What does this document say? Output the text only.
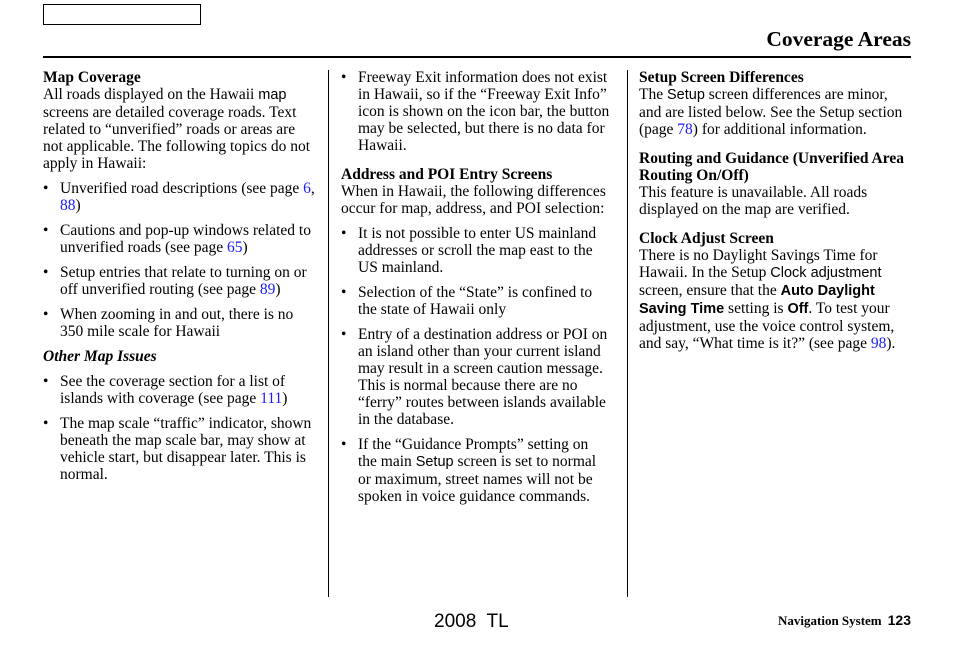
Coverage Areas
Map Coverage

All roads displayed on the Hawaii map screens are detailed coverage roads. Text related to “unverified” roads or areas are not applicable. The following topics do not apply in Hawaii:

• Unverified road descriptions (see page 6, 88)
• Cautions and pop-up windows related to unverified roads (see page 65)
• Setup entries that relate to turning on or off unverified routing (see page 89)
• When zooming in and out, there is no 350 mile scale for Hawaii
Other Map Issues
• See the coverage section for a list of islands with coverage (see page 111)
• The map scale “traffic” indicator, shown beneath the map scale bar, may show at vehicle start, but disappear later. This is normal.
• Freeway Exit information does not exist in Hawaii, so if the “Freeway Exit Info” icon is shown on the icon bar, the button may be selected, but there is no data for Hawaii.
Address and POI Entry Screens

When in Hawaii, the following differences occur for map, address, and POI selection:

• It is not possible to enter US mainland addresses or scroll the map east to the US mainland.
• Selection of the “State” is confined to the state of Hawaii only
• Entry of a destination address or POI on an island other than your current island may result in a screen caution message. This is normal because there are no “ferry” routes between islands available in the database.
• If the “Guidance Prompts” setting on the main Setup screen is set to normal or maximum, street names will not be spoken in voice guidance commands.
Setup Screen Differences

The Setup screen differences are minor, and are listed below. See the Setup section (page 78) for additional information.

Routing and Guidance (Unverified Area Routing On/Off)

This feature is unavailable. All roads displayed on the map are verified.

Clock Adjust Screen

There is no Daylight Savings Time for Hawaii. In the Setup Clock adjustment screen, ensure that the Auto Daylight Saving Time setting is Off. To test your adjustment, use the voice control system, and say, “What time is it?” (see page 98).

2008  TL	Navigation System 123
